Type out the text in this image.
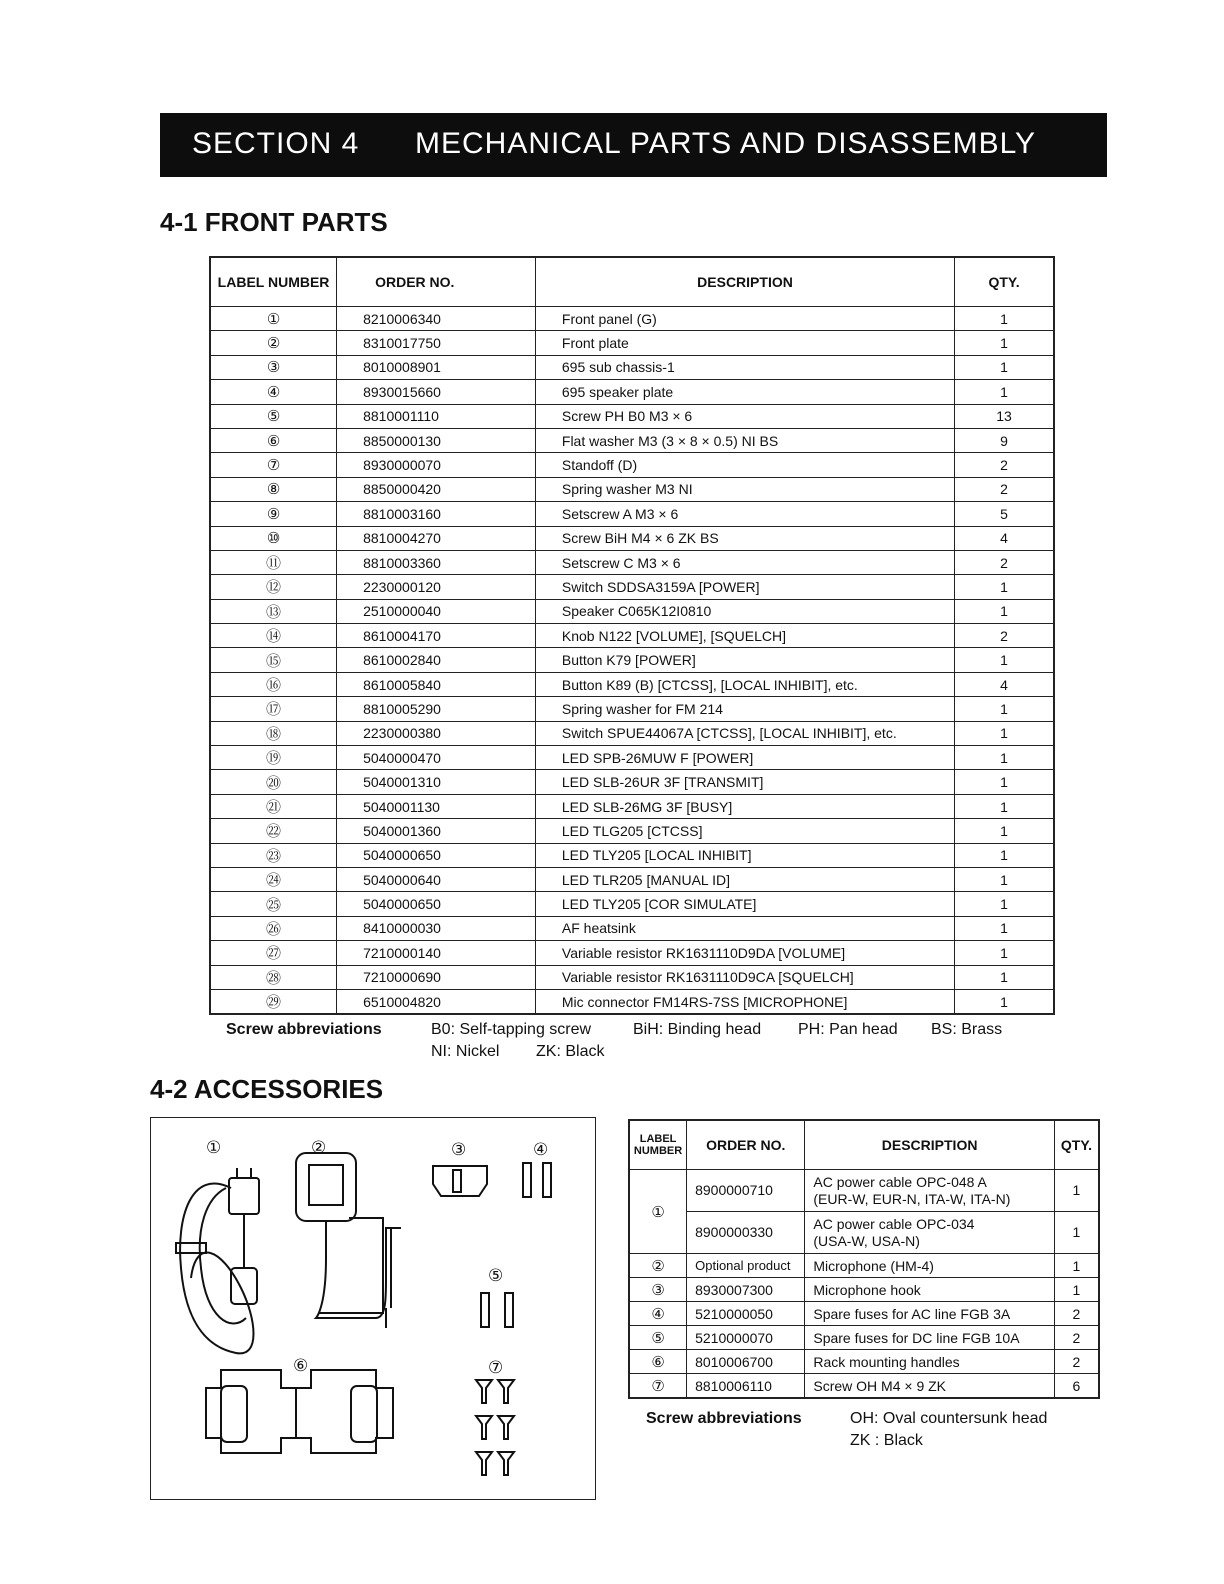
SECTION 4 MECHANICAL PARTS AND DISASSEMBLY
4-1 FRONT PARTS
LABEL NUMBER	ORDER NO.	DESCRIPTION	QTY.
①	8210006340	Front panel (G)	1
②	8310017750	Front plate	1
③	8010008901	695 sub chassis-1	1
④	8930015660	695 speaker plate	1
⑤	8810001110	Screw PH B0 M3 × 6	13
⑥	8850000130	Flat washer M3 (3 × 8 × 0.5) NI BS	9
⑦	8930000070	Standoff (D)	2
⑧	8850000420	Spring washer M3 NI	2
⑨	8810003160	Setscrew A M3 × 6	5
⑩	8810004270	Screw BiH M4 × 6 ZK BS	4
⑪	8810003360	Setscrew C M3 × 6	2
⑫	2230000120	Switch SDDSA3159A [POWER]	1
⑬	2510000040	Speaker C065K12I0810	1
⑭	8610004170	Knob N122 [VOLUME], [SQUELCH]	2
⑮	8610002840	Button K79 [POWER]	1
⑯	8610005840	Button K89 (B) [CTCSS], [LOCAL INHIBIT], etc.	4
⑰	8810005290	Spring washer for FM 214	1
⑱	2230000380	Switch SPUE44067A [CTCSS], [LOCAL INHIBIT], etc.	1
⑲	5040000470	LED SPB-26MUW F [POWER]	1
⑳	5040001310	LED SLB-26UR 3F [TRANSMIT]	1
㉑	5040001130	LED SLB-26MG 3F [BUSY]	1
㉒	5040001360	LED TLG205 [CTCSS]	1
㉓	5040000650	LED TLY205 [LOCAL INHIBIT]	1
㉔	5040000640	LED TLR205 [MANUAL ID]	1
㉕	5040000650	LED TLY205 [COR SIMULATE]	1
㉖	8410000030	AF heatsink	1
㉗	7210000140	Variable resistor RK1631110D9DA [VOLUME]	1
㉘	7210000690	Variable resistor RK1631110D9CA [SQUELCH]	1
㉙	6510004820	Mic connector FM14RS-7SS [MICROPHONE]	1
Screw abbreviations	B0: Self-tapping screw	BiH: Binding head PH: Pan head BS: Brass
NI: Nickel ZK: Black
4-2 ACCESSORIES
①	②	③	④
⑤
⑥	⑦
LABEL NUMBER	ORDER NO.	DESCRIPTION	QTY.
①	8900000710	AC power cable OPC-048 A
(EUR-W, EUR-N, ITA-W, ITA-N)	1
	8900000330	AC power cable OPC-034
(USA-W, USA-N)	1
②	Optional product	Microphone (HM-4)	1
③	8930007300	Microphone hook	1
④	5210000050	Spare fuses for AC line FGB 3A	2
⑤	5210000070	Spare fuses for DC line FGB 10A	2
⑥	8010006700	Rack mounting handles	2
⑦	8810006110	Screw OH M4 × 9 ZK	6
Screw abbreviations	OH: Oval countersunk head
ZK : Black
